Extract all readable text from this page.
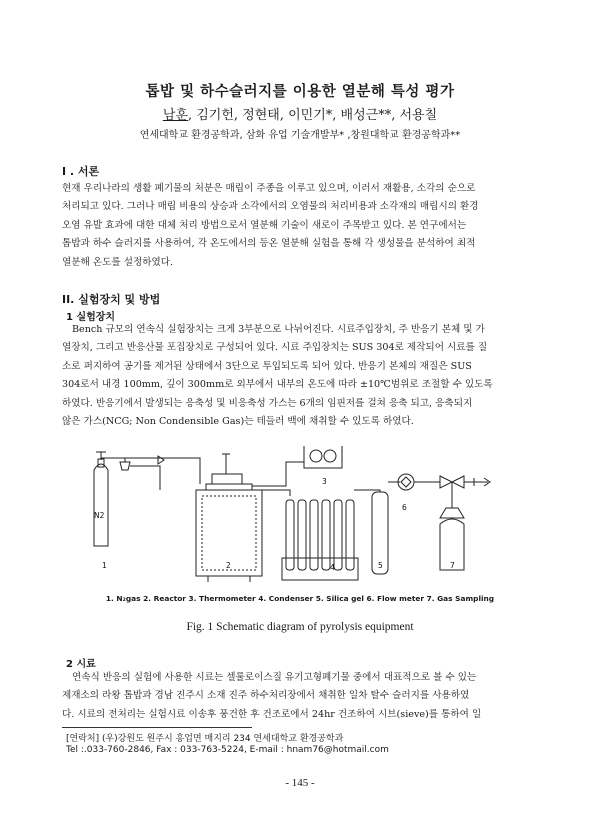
톱밥 및 하수슬러지를 이용한 열분해 특성 평가
남훈, 김기헌, 정현태, 이민기*, 배성근**, 서용칠
연세대학교 환경공학과, 삼화 유업 기술개발부* ,창원대학교 환경공학과**
I . 서론
현재 우리나라의 생활 폐기물의 처분은 매립이 주종을 이루고 있으며, 이러서 재활용, 소각의 순으로
처리되고 있다. 그러나 매립 비용의 상승과 소각에서의 오염물의 처리비용과 소각재의 매립시의 환경
오염 유발 효과에 대한 대체 처리 방법으로서 열분해 기술이 새로이 주목받고 있다. 본 연구에서는
톱밥과 하수 슬러지를 사용하여, 각 온도에서의 등온 열분해 실험을 통해 각 생성물을 분석하여 최적
열분해 온도를 설정하였다.
II. 실험장치 및 방법
1 실험장치
Bench 규모의 연속식 실험장치는 크게 3부분으로 나뉘어진다. 시료주입장치, 주 반응기 본체 및 가
열장치, 그리고 반응산물 포집장치로 구성되어 있다. 시료 주입장치는 SUS 304로 제작되어 시료를 질
소로 퍼지하여 공기를 제거된 상태에서 3단으로 투입되도록 되어 있다. 반응기 본체의 재질은 SUS
304로서 내경 100mm, 깊이 300mm로 외부에서 내부의 온도에 따라 ±10℃범위로 조절할 수 있도록
하였다. 반응기에서 발생되는 응축성 및 비응축성 가스는 6개의 임핀저를 걸쳐 응축 되고, 응축되지
않은 가스(NCG; Non Condensible Gas)는 테들러 백에 채취할 수 있도록 하였다.
N2
1	2
3
4	5
6
7
1. N₂gas 2. Reactor 3. Thermometer 4. Condenser 5. Silica gel 6. Flow meter 7. Gas Sampling
Fig. 1 Schematic diagram of pyrolysis equipment
2 시료
연속식 반응의 실험에 사용한 시료는 셀룰로이스질 유기고형폐기물 중에서 대표적으로 볼 수 있는
제재소의 라왕 톱밥과 경남 진주시 소재 진주 하수처리장에서 채취한 일차 탈수 슬러지를 사용하였
다. 시료의 전처리는 실험시료 이송후 풍건한 후 건조로에서 24hr 건조하여 시브(sieve)를 통하여 일
[연락처] (우)강원도 원주시 흥업면 매지리 234 연세대학교 환경공학과
Tel :.033-760-2846, Fax : 033-763-5224, E-mail : hnam76@hotmail.com
- 145 -
